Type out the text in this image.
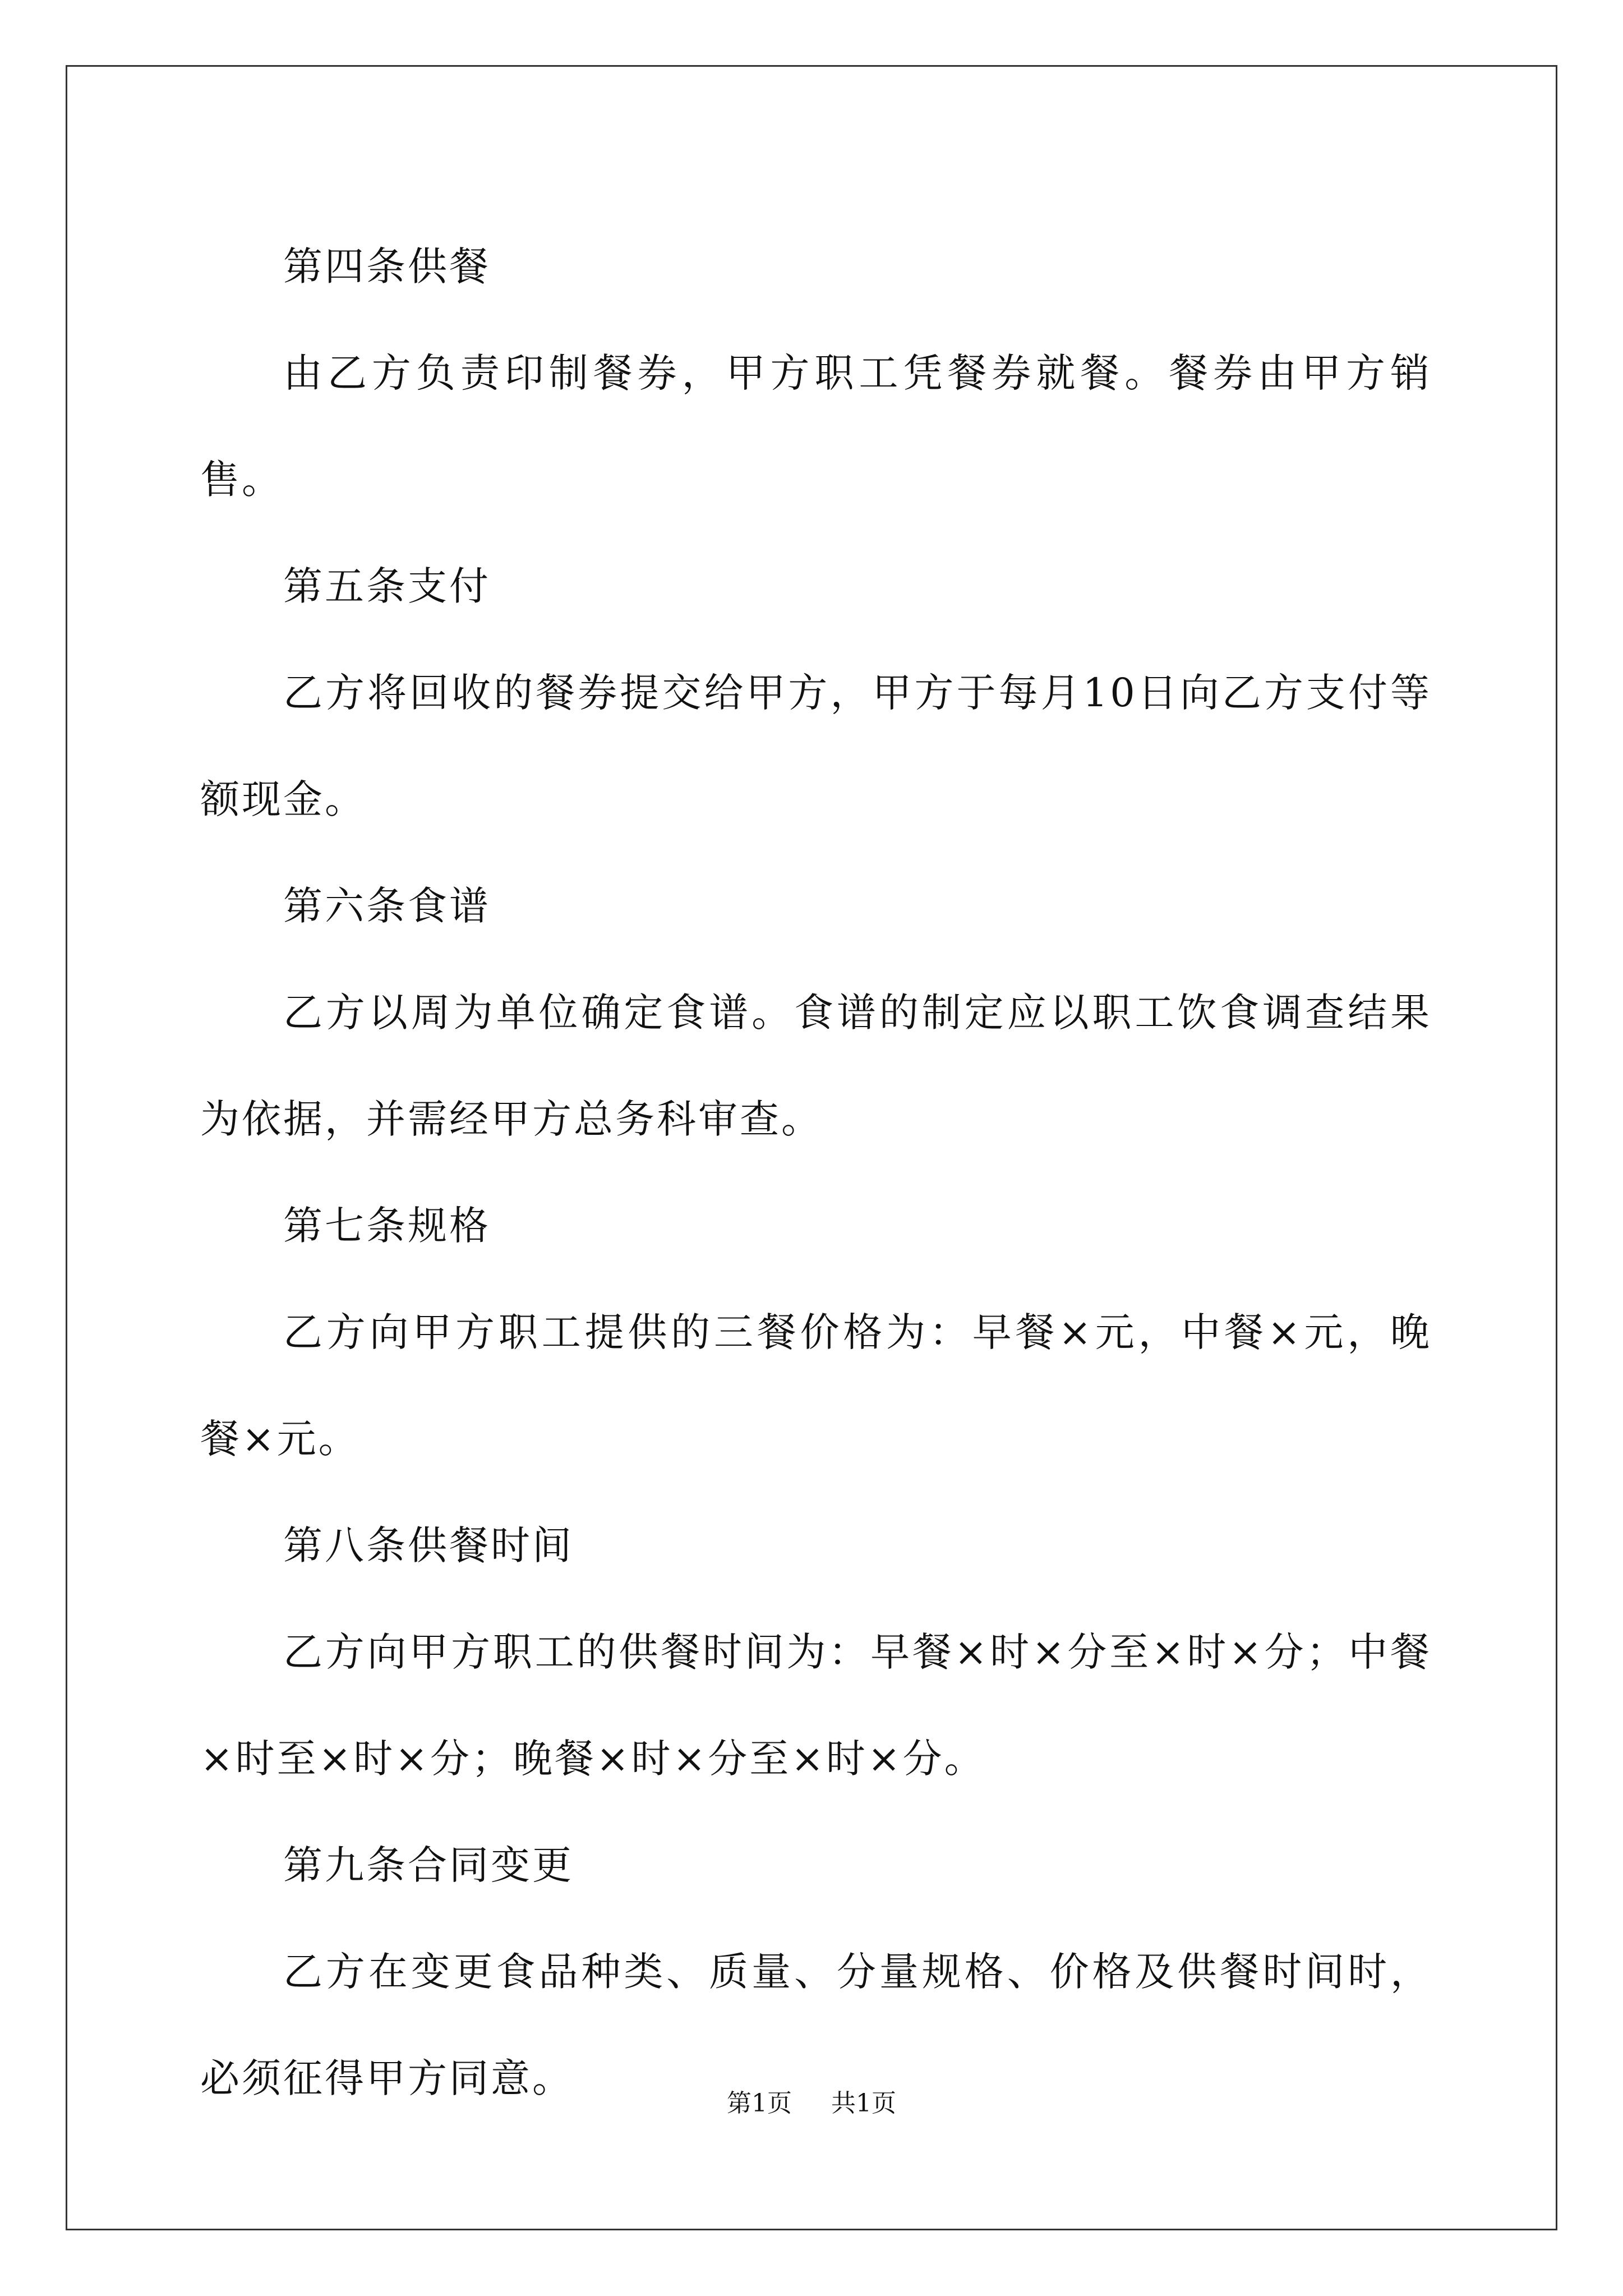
第四条供餐

由乙方负责印制餐券，甲方职工凭餐券就餐。餐券由甲方销售。

第五条支付

乙方将回收的餐券提交给甲方，甲方于每月10日向乙方支付等额现金。

第六条食谱

乙方以周为单位确定食谱。食谱的制定应以职工饮食调查结果为依据，并需经甲方总务科审查。

第七条规格

乙方向甲方职工提供的三餐价格为：早餐×元，中餐×元，晚餐×元。

第八条供餐时间

乙方向甲方职工的供餐时间为：早餐×时×分至×时×分；中餐×时至×时×分；晚餐×时×分至×时×分。

第九条合同变更

乙方在变更食品种类、质量、分量规格、价格及供餐时间时，必须征得甲方同意。

第1页 共1页
